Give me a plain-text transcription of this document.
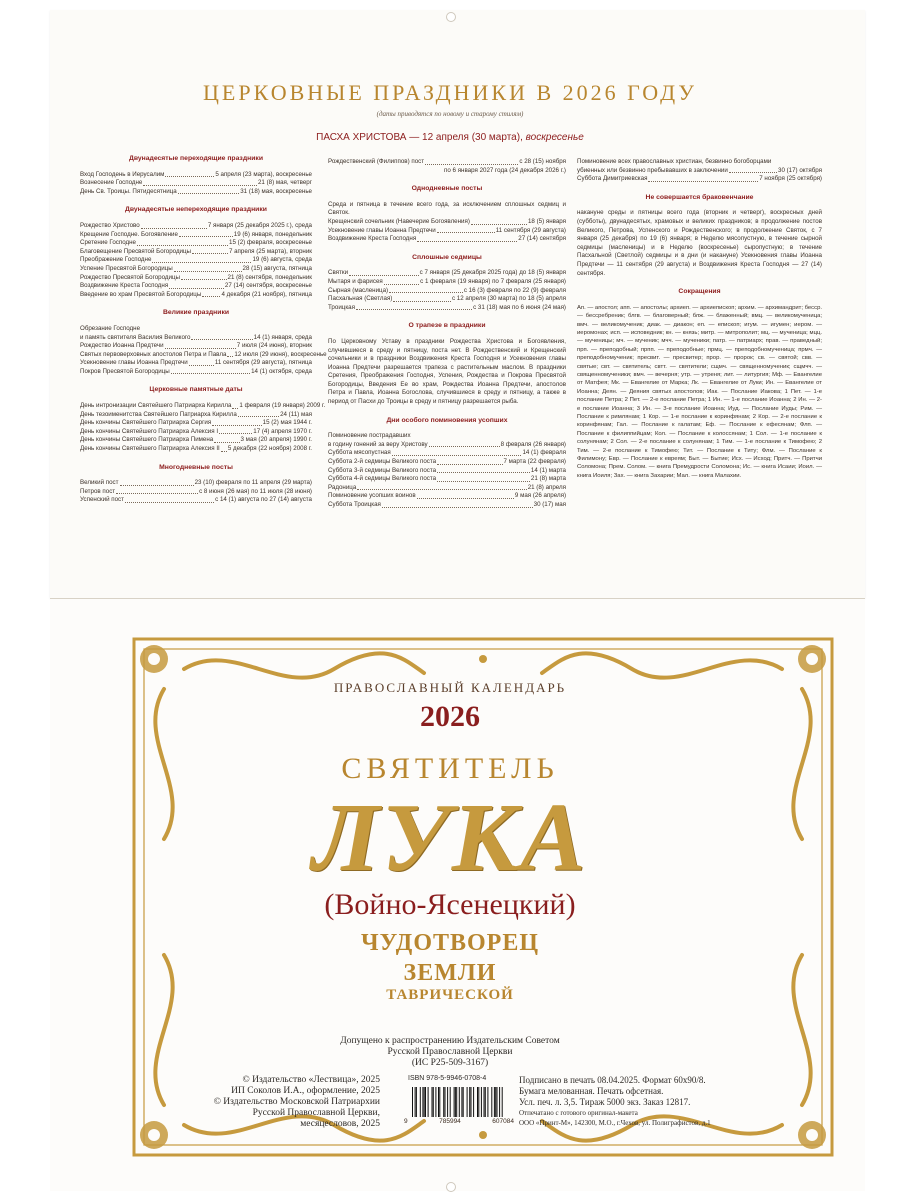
ЦЕРКОВНЫЕ ПРАЗДНИКИ В 2026 ГОДУ
(даты приводятся по новому и старому стилям)
ПАСХА ХРИСТОВА — 12 апреля (30 марта), воскресенье
Двунадесятые переходящие праздники
Вход Господень в Иерусалим	5 апреля (23 марта), воскресенье
Вознесение Господне	21 (8) мая, четверг
День Св. Троицы. Пятидесятница	31 (18) мая, воскресенье
Двунадесятые непереходящие праздники
Рождество Христово	7 января (25 декабря 2025 г.), среда
Крещение Господне. Богоявление	19 (6) января, понедельник
Сретение Господне	15 (2) февраля, воскресенье
Благовещение Пресвятой Богородицы	7 апреля (25 марта), вторник
Преображение Господне	19 (6) августа, среда
Успение Пресвятой Богородицы	28 (15) августа, пятница
Рождество Пресвятой Богородицы	21 (8) сентября, понедельник
Воздвижение Креста Господня	27 (14) сентября, воскресенье
Введение во храм Пресвятой Богородицы	4 декабря (21 ноября), пятница
Великие праздники
Обрезание Господне
и память святителя Василия Великого	14 (1) января, среда
Рождество Иоанна Предтечи	7 июля (24 июня), вторник
Святых первоверховных апостолов Петра и Павла 12 июля (29 июня), воскресенье
Усекновение главы Иоанна Предтечи	11 сентября (29 августа), пятница
Покров Пресвятой Богородицы	14 (1) октября, среда
Церковные памятные даты
День интронизации Святейшего Патриарха Кирилла 1 февраля (19 января) 2009 г.
День тезоименитства Святейшего Патриарха Кирилла	24 (11) мая
День кончины Святейшего Патриарха Сергия	15 (2) мая 1944 г.
День кончины Святейшего Патриарха Алексия I	17 (4) апреля 1970 г.
День кончины Святейшего Патриарха Пимена	3 мая (20 апреля) 1990 г.
День кончины Святейшего Патриарха Алексия II 5 декабря (22 ноября) 2008 г.
Многодневные посты
Великий пост	23 (10) февраля по 11 апреля (29 марта)
Петров пост	с 8 июня (26 мая) по 11 июля (28 июня)
Успенский пост	с 14 (1) августа по 27 (14) августа
Рождественский (Филиппов) пост	с 28 (15) ноября
по 6 января 2027 года (24 декабря 2026 г.)
Однодневные посты
Среда и пятница в течение всего года, за исключением сплошных седмиц и Святок.
Крещенский сочельник (Навечерие Богоявления)	18 (5) января
Усекновение главы Иоанна Предтечи	11 сентября (29 августа)
Воздвижение Креста Господня	27 (14) сентября
Сплошные седмицы
Святки	с 7 января (25 декабря 2025 года) до 18 (5) января
Мытаря и фарисея	с 1 февраля (19 января) по 7 февраля (25 января)
Сырная (масленица)	с 16 (3) февраля по 22 (9) февраля
Пасхальная (Светлая)	с 12 апреля (30 марта) по 18 (5) апреля
Троицкая	с 31 (18) мая по 6 июня (24 мая)
О трапезе в праздники
По Церковному Уставу в праздники Рождества Христова и Богоявления, случившиеся в среду и пятницу, поста нет. В Рождественский и Крещенский сочельники и в праздники Воздвижения Креста Господня и Усекновения главы Иоанна Предтечи разрешается трапеза с растительным маслом. В праздники Сретения, Преображения Господня, Успения, Рождества и Покрова Пресвятой Богородицы, Введения Ее во храм, Рождества Иоанна Предтечи, апостолов Петра и Павла, Иоанна Богослова, случившиеся в среду и пятницу, а также в период от Пасхи до Троицы в среду и пятницу разрешается рыба.
Дни особого поминовения усопших
Поминовение пострадавших
в годину гонений за веру Христову	8 февраля (26 января)
Суббота мясопустная	14 (1) февраля
Суббота 2-й седмицы Великого поста	7 марта (22 февраля)
Суббота 3-й седмицы Великого поста	14 (1) марта
Суббота 4-й седмицы Великого поста	21 (8) марта
Радоница	21 (8) апреля
Поминовение усопших воинов	9 мая (26 апреля)
Суббота Троицкая	30 (17) мая
Поминовение всех православных христиан, безвинно богоборцами
убиенных или безвинно пребывавших в заключении	30 (17) октября
Суббота Димитриевская	7 ноября (25 октября)
Не совершается браковенчание
накануне среды и пятницы всего года (вторник и четверг), воскресных дней (субботы), двунадесятых, храмовых и великих праздников; в продолжение постов Великого, Петрова, Успенского и Рождественского; в продолжение Святок, с 7 января (25 декабря) по 19 (6) января; в Неделю мясопустную, в течение сырной седмицы (масленицы) и в Неделю (воскресенье) сыропустную; в течение Пасхальной (Светлой) седмицы и в дни (и накануне) Усекновения главы Иоанна Предтечи — 11 сентября (29 августа) и Воздвижения Креста Господня — 27 (14) сентября.
Сокращения
Ап. — апостол; апп. — апостолы; архиеп. — архиепископ; архим. — архимандрит; бесср. — бессребреник; блгв. — благоверный; блж. — блаженный; вмц. — великомученица; вмч. — великомученик; диак. — диакон; еп. — епископ; игум. — игумен; иером. — иеромонах; исп. — исповедник; кн. — князь; митр. — митрополит; мц. — мученица; мцц. — мученицы; мч. — мученик; мчч. — мученики; патр. — патриарх; прав. — праведный; прп. — преподобный; прпп. — преподобные; прмц. — преподобномученица; прмч. — преподобномученик; пресвит. — пресвитер; прор. — пророк; св. — святой; свв. — святые; свт. — святитель; свтт. — святители; сщмч. — священномученик; сщмчч. — священномученики; вмч. — вечерня; утр. — утреня; лит. — литургия; Мф. — Евангелие от Матфея; Мк. — Евангелие от Марка; Лк. — Евангелие от Луки; Ин. — Евангелие от Иоанна; Деян. — Деяния святых апостолов; Иак. — Послание Иакова; 1 Пет. — 1-е послание Петра; 2 Пет. — 2-е послание Петра; 1 Ин. — 1-е послание Иоанна; 2 Ин. — 2-е послание Иоанна; 3 Ин. — 3-е послание Иоанна; Иуд. — Послание Иуды; Рим. — Послание к римлянам; 1 Кор. — 1-е послание к коринфянам; 2 Кор. — 2-е послание к коринфянам; Гал. — Послание к галатам; Еф. — Послание к ефесянам; Флп. — Послание к филиппийцам; Кол. — Послание к колоссянам; 1 Сол. — 1-е послание к солунянам; 2 Сол. — 2-е послание к солунянам; 1 Тим. — 1-е послание к Тимофею; 2 Тим. — 2-е послание к Тимофею; Тит. — Послание к Титу; Флм. — Послание к Филимону; Евр. — Послание к евреям; Быт. — Бытие; Исх. — Исход; Притч. — Притчи Соломона; Прем. Солом. — книга Премудрости Соломона; Ис. — книга Исаии; Иоил. — книга Иоиля; Зах. — книга Захарии; Мал. — книга Малахии.
ПРАВОСЛАВНЫЙ КАЛЕНДАРЬ
2026
СВЯТИТЕЛЬ
ЛУКА
(Войно-Ясенецкий)
ЧУДОТВОРЕЦ
ЗЕМЛИ
ТАВРИЧЕСКОЙ
Допущено к распространению Издательским Советом
Русской Православной Церкви
(ИС Р25-509-3167)
© Издательство «Лествица», 2025
ИП Соколов И.А., оформление, 2025
© Издательство Московской Патриархии
Русской Православной Церкви,
месяцесловов, 2025
ISBN 978-5-9946-0708-4
9	785994	607084
Подписано в печать 08.04.2025. Формат 60х90/8.
Бумага мелованная. Печать офсетная.
Усл. печ. л. 3,5. Тираж 5000 экз. Заказ 12817.
Отпечатано с готового оригинал-макета
ООО «Принт-М», 142300, М.О., г.Чехов, ул. Полиграфистов, д.1
